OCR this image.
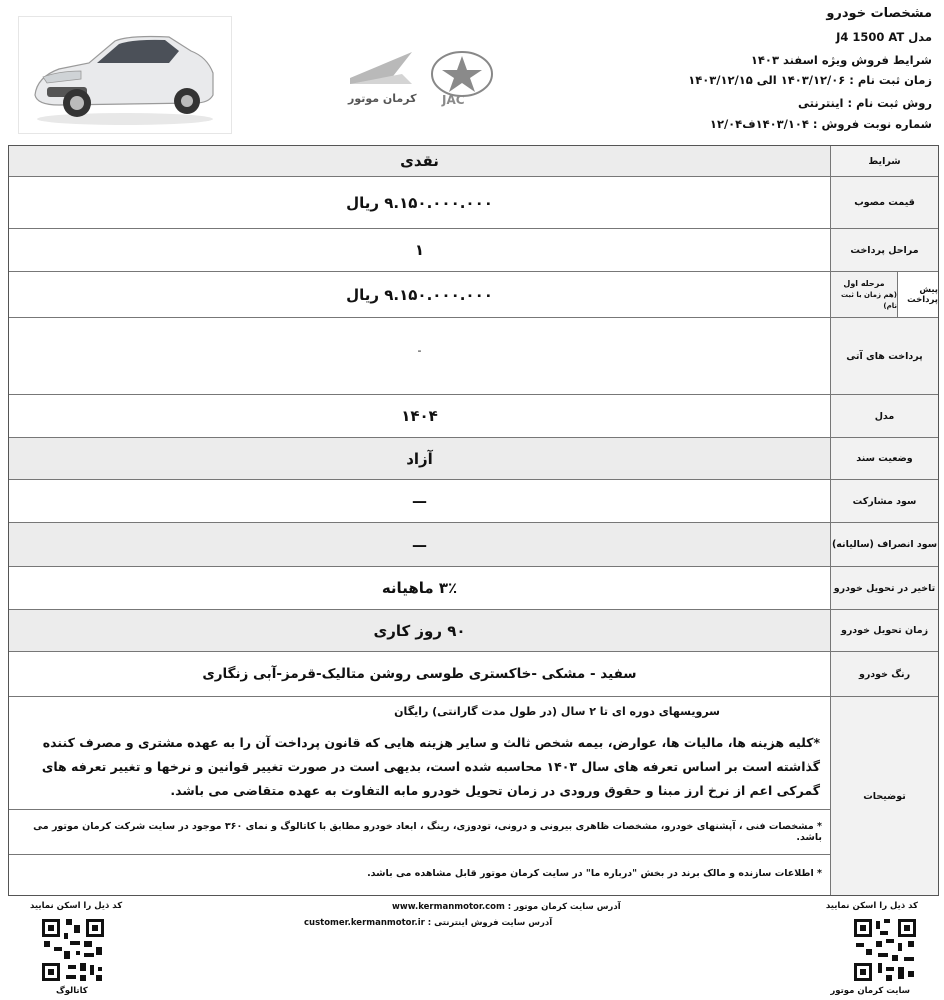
مشخصات خودرو
مدل J4 1500 AT
شرایط فروش ویژه اسفند ۱۴۰۳
زمان ثبت نام : ۱۴۰۳/۱۲/۰۶ الی ۱۴۰۳/۱۲/۱۵
روش ثبت نام : اینترنتی
شماره نوبت فروش : ۱۴۰۳/۱۰۴ف۱۲/۰۴
کرمان موتور JAC
شرایط
نقدی
قیمت مصوب
۹.۱۵۰.۰۰۰.۰۰۰ ریال
مراحل پرداخت
۱
پیش پرداخت
مرحله اول
(هم زمان با ثبت نام)
۹.۱۵۰.۰۰۰.۰۰۰ ریال
پرداخت های آتی
-
مدل
۱۴۰۴
وضعیت سند
آزاد
سود مشارکت
—
سود انصراف (سالیانه)
—
تاخیر در تحویل خودرو
۳٪ ماهیانه
زمان تحویل خودرو
۹۰ روز کاری
رنگ خودرو
سفید - مشکی -خاکستری طوسی روشن متالیک-قرمز-آبی زنگاری
توضیحات
سرویسهای دوره ای تا ۲ سال (در طول مدت گارانتی) رایگان
*کلیه هزینه ها، مالیات ها، عوارض، بیمه شخص ثالث و سایر هزینه هایی که قانون پرداخت آن را به عهده مشتری و مصرف کننده گذاشته است بر اساس تعرفه های سال ۱۴۰۳ محاسبه شده است، بدیهی است در صورت تغییر قوانین و نرخها و تغییر تعرفه های گمرکی اعم از نرخ ارز مبنا و حقوق ورودی در زمان تحویل خودرو مابه التفاوت به عهده متقاضی می باشد.
* مشخصات فنی ، آپشنهای خودرو، مشخصات ظاهری بیرونی و درونی، تودوزی، رینگ ، ابعاد خودرو مطابق با کاتالوگ و نمای ۳۶۰ موجود در سایت شرکت کرمان موتور می باشد.
* اطلاعات سازنده و مالک برند در بخش "درباره ما" در سایت کرمان موتور قابل مشاهده می باشد.
کد ذیل را اسکن نمایید
سایت کرمان موتور
کد ذیل را اسکن نمایید
کاتالوگ
آدرس سایت کرمان موتور : www.kermanmotor.com
آدرس سایت فروش اینترنتی : customer.kermanmotor.ir
